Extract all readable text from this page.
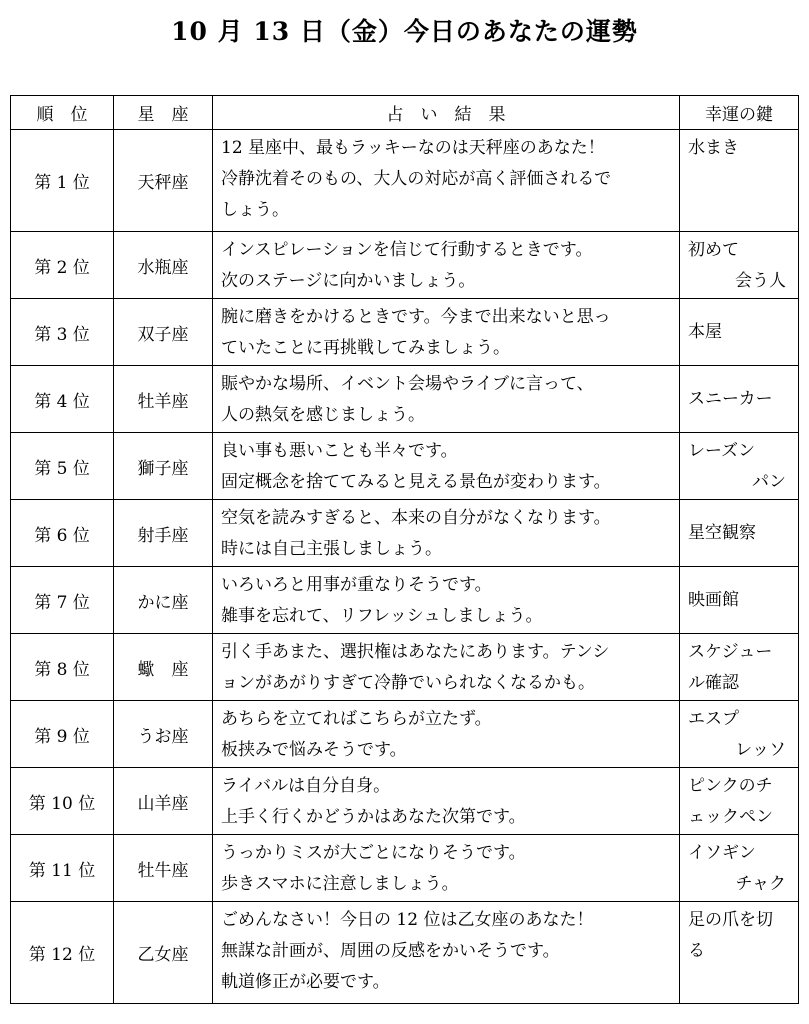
10 月 13 日（金）今日のあなたの運勢
順　位	星　座	占　い　結　果	幸運の鍵
第 1 位	天秤座	12 星座中、最もラッキーなのは天秤座のあなた！
冷静沈着そのもの、大人の対応が高く評価されるで
しょう。	水まき

第 2 位	水瓶座	インスピレーションを信じて行動するときです。
次のステージに向かいましょう。	初めて
会う人

第 3 位	双子座	腕に磨きをかけるときです。今まで出来ないと思っ
ていたことに再挑戦してみましょう。	本屋

第 4 位	牡羊座	賑やかな場所、イベント会場やライブに言って、
人の熱気を感じましょう。	スニーカー

第 5 位	獅子座	良い事も悪いことも半々です。
固定概念を捨ててみると見える景色が変わります。	レーズン
パン

第 6 位	射手座	空気を読みすぎると、本来の自分がなくなります。
時には自己主張しましょう。	星空観察

第 7 位	かに座	いろいろと用事が重なりそうです。
雑事を忘れて、リフレッシュしましょう。	映画館

第 8 位	蠍　座	引く手あまた、選択権はあなたにあります。テンシ
ョンがあがりすぎて冷静でいられなくなるかも。	スケジュー
ル確認

第 9 位	うお座	あちらを立てればこちらが立たず。
板挟みで悩みそうです。	エスプ
レッソ

第 10 位	山羊座	ライバルは自分自身。
上手く行くかどうかはあなた次第です。	ピンクのチ
ェックペン

第 11 位	牡牛座	うっかりミスが大ごとになりそうです。
歩きスマホに注意しましょう。	イソギン
チャク

第 12 位	乙女座	ごめんなさい！今日の 12 位は乙女座のあなた！
無謀な計画が、周囲の反感をかいそうです。
軌道修正が必要です。	足の爪を切
る
